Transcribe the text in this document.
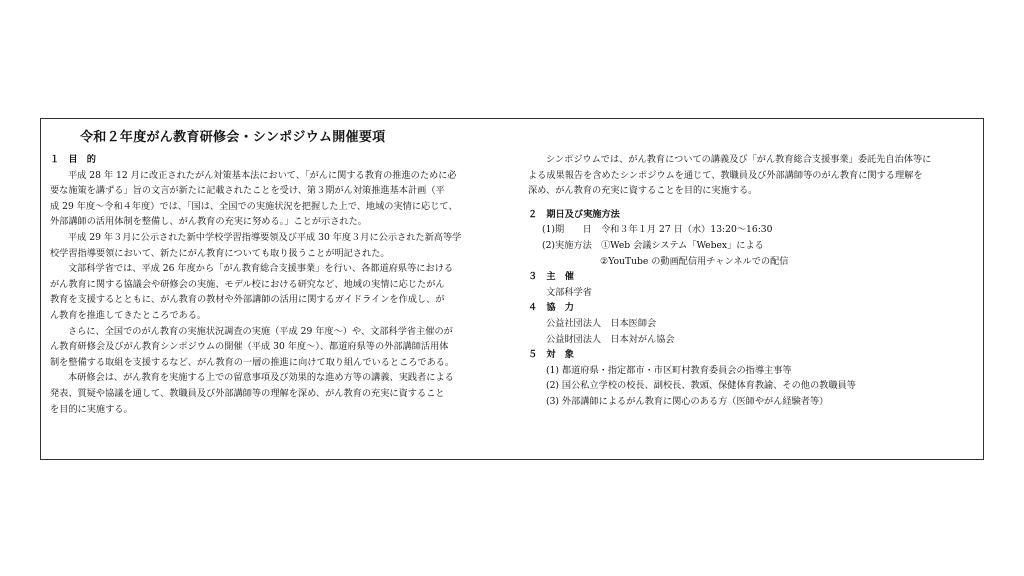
令和２年度がん教育研修会・シンポジウム開催要項

１　目　的

平成 28 年 12 月に改正されたがん対策基本法において、「がんに関する教育の推進のために必

要な施策を講ずる」旨の文言が新たに記載されたことを受け、第３期がん対策推進基本計画（平

成 29 年度～令和４年度）では、「国は、全国での実施状況を把握した上で、地域の実情に応じて、

外部講師の活用体制を整備し、がん教育の充実に努める。」ことが示された。

平成 29 年３月に公示された新中学校学習指導要領及び平成 30 年度３月に公示された新高等学

校学習指導要領において、新たにがん教育についても取り扱うことが明記された。

文部科学省では、平成 26 年度から「がん教育総合支援事業」を行い、各都道府県等における

がん教育に関する協議会や研修会の実施、モデル校における研究など、地域の実情に応じたがん

教育を支援するとともに、がん教育の教材や外部講師の活用に関するガイドラインを作成し、が

ん教育を推進してきたところである。

さらに、全国でのがん教育の実施状況調査の実施（平成 29 年度～）や、文部科学省主催のが

ん教育研修会及びがん教育シンポジウムの開催（平成 30 年度～）、都道府県等の外部講師活用体

制を整備する取組を支援するなど、がん教育の一層の推進に向けて取り組んでいるところである。

本研修会は、がん教育を実施する上での留意事項及び効果的な進め方等の講義、実践者による

発表、質疑や協議を通して、教職員及び外部講師等の理解を深め、がん教育の充実に資すること

を目的に実施する。

シンポジウムでは、がん教育についての講義及び「がん教育総合支援事業」委託先自治体等に

よる成果報告を含めたシンポジウムを通じて、教職員及び外部講師等のがん教育に関する理解を

深め、がん教育の充実に資することを目的に実施する。

２　期日及び実施方法

(1)期　　日　令和３年１月 27 日（水）13:20～16:30

(2)実施方法　①Web 会議システム「Webex」による

②YouTube の動画配信用チャンネルでの配信

３　主　催

文部科学省

４　協　力

公益社団法人　日本医師会

公益財団法人　日本対がん協会

５　対　象

(1) 都道府県・指定都市・市区町村教育委員会の指導主事等

(2) 国公私立学校の校長、副校長、教頭、保健体育教諭、その他の教職員等

(3) 外部講師によるがん教育に関心のある方（医師やがん経験者等）
